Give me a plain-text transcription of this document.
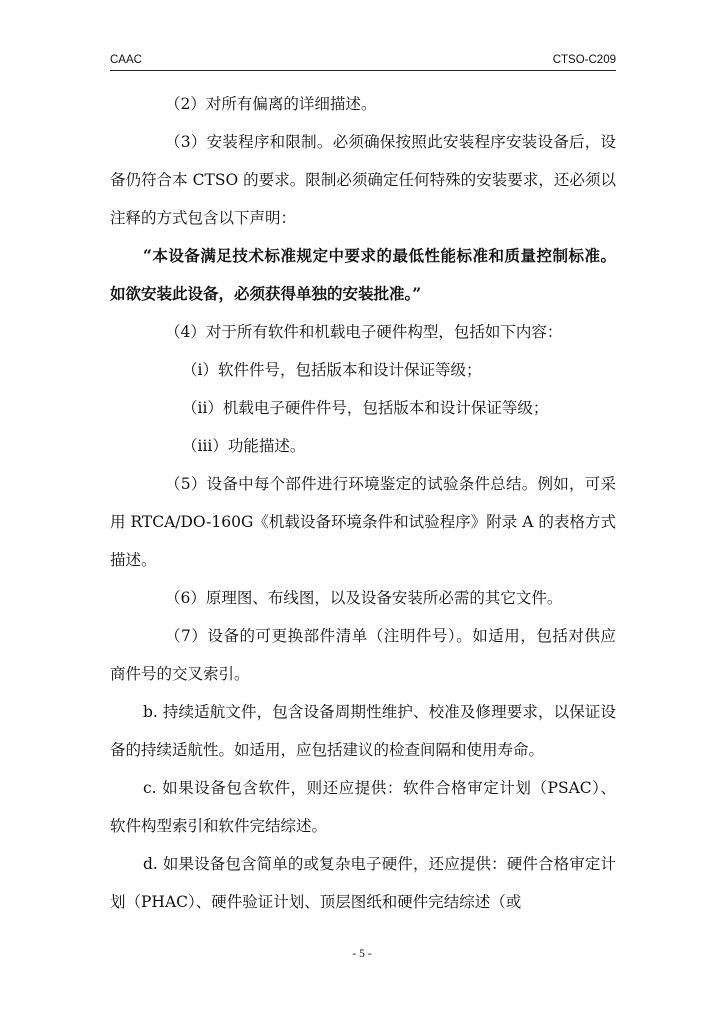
CAAC	CTSO-C209

（2）对所有偏离的详细描述。

（3）安装程序和限制。必须确保按照此安装程序安装设备后，设备仍符合本 CTSO 的要求。限制必须确定任何特殊的安装要求，还必须以注释的方式包含以下声明：

“本设备满足技术标准规定中要求的最低性能标准和质量控制标准。如欲安装此设备，必须获得单独的安装批准。”

（4）对于所有软件和机载电子硬件构型，包括如下内容：

（i）软件件号，包括版本和设计保证等级；

（ii）机载电子硬件件号，包括版本和设计保证等级；

（iii）功能描述。

（5）设备中每个部件进行环境鉴定的试验条件总结。例如，可采用 RTCA/DO-160G《机载设备环境条件和试验程序》附录 A 的表格方式描述。

（6）原理图、布线图，以及设备安装所必需的其它文件。

（7）设备的可更换部件清单（注明件号）。如适用，包括对供应商件号的交叉索引。

b. 持续适航文件，包含设备周期性维护、校准及修理要求，以保证设备的持续适航性。如适用，应包括建议的检查间隔和使用寿命。

c. 如果设备包含软件，则还应提供：软件合格审定计划（PSAC）、软件构型索引和软件完结综述。

d. 如果设备包含简单的或复杂电子硬件，还应提供：硬件合格审定计划（PHAC）、硬件验证计划、顶层图纸和硬件完结综述（或

- 5 -
